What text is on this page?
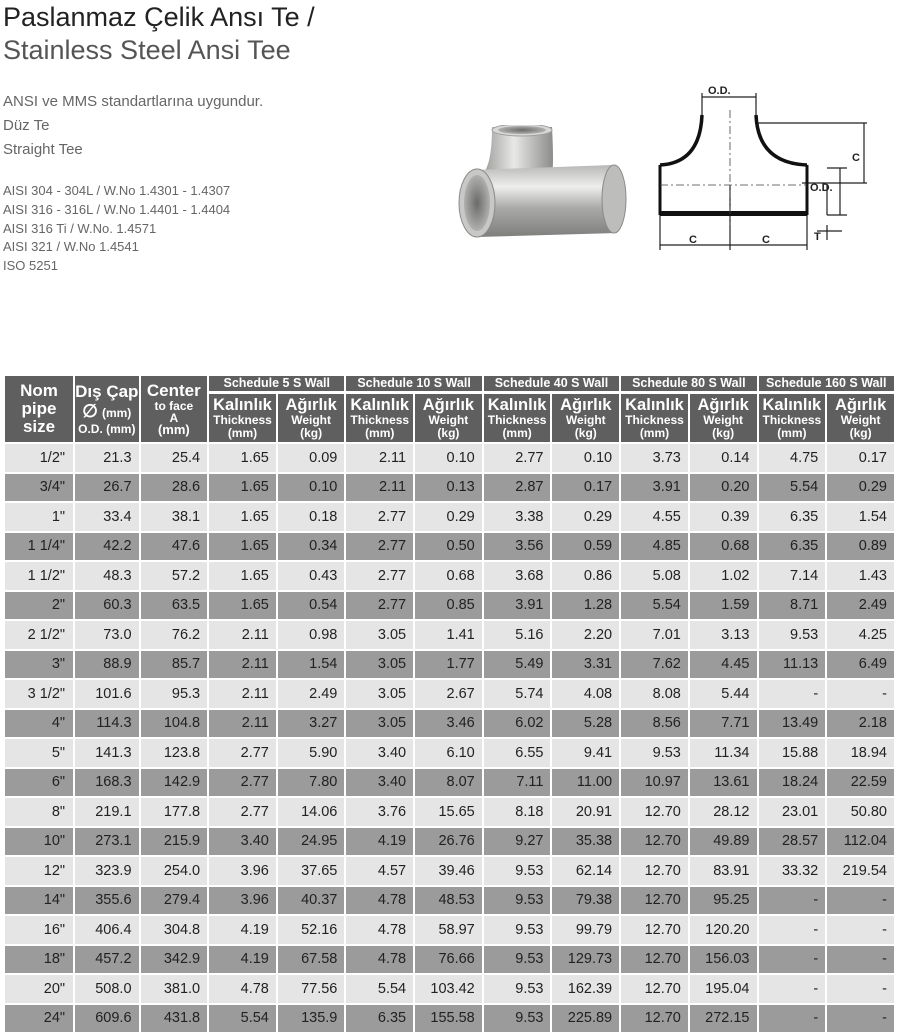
Paslanmaz Çelik Ansı Te /
Stainless Steel Ansi Tee
ANSI ve MMS standartlarına uygundur.
Düz Te
Straight Tee
AISI 304 - 304L / W.No 1.4301 - 1.4307
AISI 316 - 316L / W.No 1.4401 - 1.4404
AISI 316 Ti / W.No. 1.4571
AISI 321 / W.No 1.4541
ISO 5251
O.D.
C
O.D.
C	C	T
Nom
pipe
size	Dış Çap
∅ (mm)
O.D. (mm)	Center
to face
A
(mm)	Schedule 5 S Wall		Schedule 10 S Wall		Schedule 40 S Wall		Schedule 80 S Wall		Schedule 160 S Wall	

			Kalınlık
Thickness
(mm)	Ağırlık
Weight
(kg)	Kalınlık
Thickness
(mm)	Ağırlık
Weight
(kg)	Kalınlık
Thickness
(mm)	Ağırlık
Weight
(kg)	Kalınlık
Thickness
(mm)	Ağırlık
Weight
(kg)	Kalınlık
Thickness
(mm)	Ağırlık
Weight
(kg)

1/2"	21.3	25.4	1.65	0.09	2.11	0.10	2.77	0.10	3.73	0.14	4.75	0.17
3/4"	26.7	28.6	1.65	0.10	2.11	0.13	2.87	0.17	3.91	0.20	5.54	0.29
1"	33.4	38.1	1.65	0.18	2.77	0.29	3.38	0.29	4.55	0.39	6.35	1.54
1 1/4"	42.2	47.6	1.65	0.34	2.77	0.50	3.56	0.59	4.85	0.68	6.35	0.89
1 1/2"	48.3	57.2	1.65	0.43	2.77	0.68	3.68	0.86	5.08	1.02	7.14	1.43
2"	60.3	63.5	1.65	0.54	2.77	0.85	3.91	1.28	5.54	1.59	8.71	2.49
2 1/2"	73.0	76.2	2.11	0.98	3.05	1.41	5.16	2.20	7.01	3.13	9.53	4.25
3"	88.9	85.7	2.11	1.54	3.05	1.77	5.49	3.31	7.62	4.45	11.13	6.49
3 1/2"	101.6	95.3	2.11	2.49	3.05	2.67	5.74	4.08	8.08	5.44	-	-
4"	114.3	104.8	2.11	3.27	3.05	3.46	6.02	5.28	8.56	7.71	13.49	2.18
5"	141.3	123.8	2.77	5.90	3.40	6.10	6.55	9.41	9.53	11.34	15.88	18.94
6"	168.3	142.9	2.77	7.80	3.40	8.07	7.11	11.00	10.97	13.61	18.24	22.59
8"	219.1	177.8	2.77	14.06	3.76	15.65	8.18	20.91	12.70	28.12	23.01	50.80
10"	273.1	215.9	3.40	24.95	4.19	26.76	9.27	35.38	12.70	49.89	28.57	112.04
12"	323.9	254.0	3.96	37.65	4.57	39.46	9.53	62.14	12.70	83.91	33.32	219.54
14"	355.6	279.4	3.96	40.37	4.78	48.53	9.53	79.38	12.70	95.25	-	-
16"	406.4	304.8	4.19	52.16	4.78	58.97	9.53	99.79	12.70	120.20	-	-
18"	457.2	342.9	4.19	67.58	4.78	76.66	9.53	129.73	12.70	156.03	-	-
20"	508.0	381.0	4.78	77.56	5.54	103.42	9.53	162.39	12.70	195.04	-	-
24"	609.6	431.8	5.54	135.9	6.35	155.58	9.53	225.89	12.70	272.15	-	-
